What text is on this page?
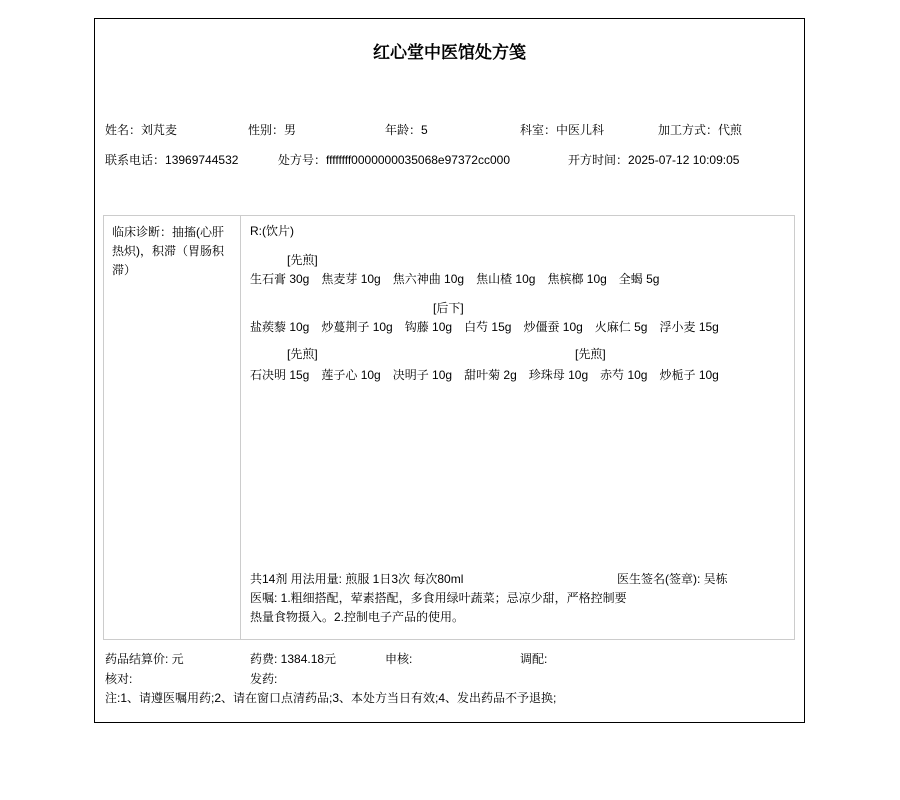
红心堂中医馆处方笺
姓名：刘芃麦	性别：男	年龄：5	科室：中医儿科	加工方式：代煎
联系电话：13969744532	处方号：ffffffff0000000035068e97372cc000	开方时间：2025-07-12 10:09:05
临床诊断：抽搐(心肝热炽)，积滞（胃肠积滞）
R:(饮片)
[先煎]
生石膏 30g 焦麦芽 10g 焦六神曲 10g 焦山楂 10g 焦槟榔 10g 全蝎 5g
[后下]
盐蒺藜 10g 炒蔓荆子 10g 钩藤 10g 白芍 15g 炒僵蚕 10g 火麻仁 5g 浮小麦 15g
[先煎]	[先煎]
石决明 15g 莲子心 10g 决明子 10g 甜叶菊 2g 珍珠母 10g 赤芍 10g 炒栀子 10g
共14剂 用法用量: 煎服 1日3次 每次80ml	医生签名(签章): 吴栋
医嘱: 1.粗细搭配，荤素搭配，多食用绿叶蔬菜；忌凉少甜，严格控制要热量食物摄入。2.控制电子产品的使用。
药品结算价: 元	药费: 1384.18元	申核:	调配:
核对:	发药:
注:1、请遵医嘱用药;2、请在窗口点清药品;3、本处方当日有效;4、发出药品不予退换;
